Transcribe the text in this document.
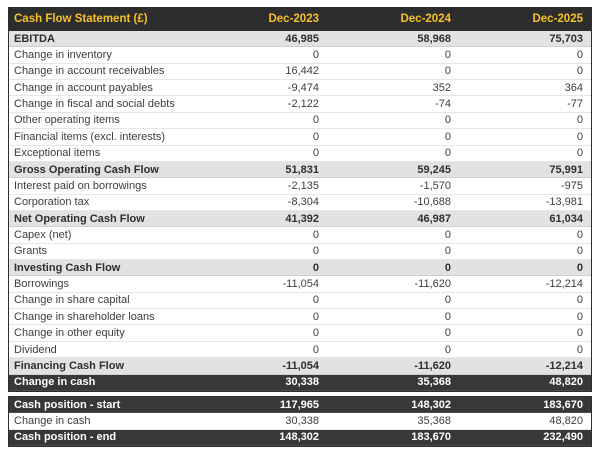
Cash Flow Statement (£)	Dec-2023	Dec-2024	Dec-2025
EBITDA	46,985	58,968	75,703
Change in inventory	0	0	0
Change in account receivables	16,442	0	0
Change in account payables	-9,474	352	364
Change in fiscal and social debts	-2,122	-74	-77
Other operating items	0	0	0
Financial items (excl. interests)	0	0	0
Exceptional items	0	0	0
Gross Operating Cash Flow	51,831	59,245	75,991
Interest paid on borrowings	-2,135	-1,570	-975
Corporation tax	-8,304	-10,688	-13,981
Net Operating Cash Flow	41,392	46,987	61,034
Capex (net)	0	0	0
Grants	0	0	0
Investing Cash Flow	0	0	0
Borrowings	-11,054	-11,620	-12,214
Change in share capital	0	0	0
Change in shareholder loans	0	0	0
Change in other equity	0	0	0
Dividend	0	0	0
Financing Cash Flow	-11,054	-11,620	-12,214
Change in cash	30,338	35,368	48,820
Cash position - start	117,965	148,302	183,670
Change in cash	30,338	35,368	48,820
Cash position - end	148,302	183,670	232,490
